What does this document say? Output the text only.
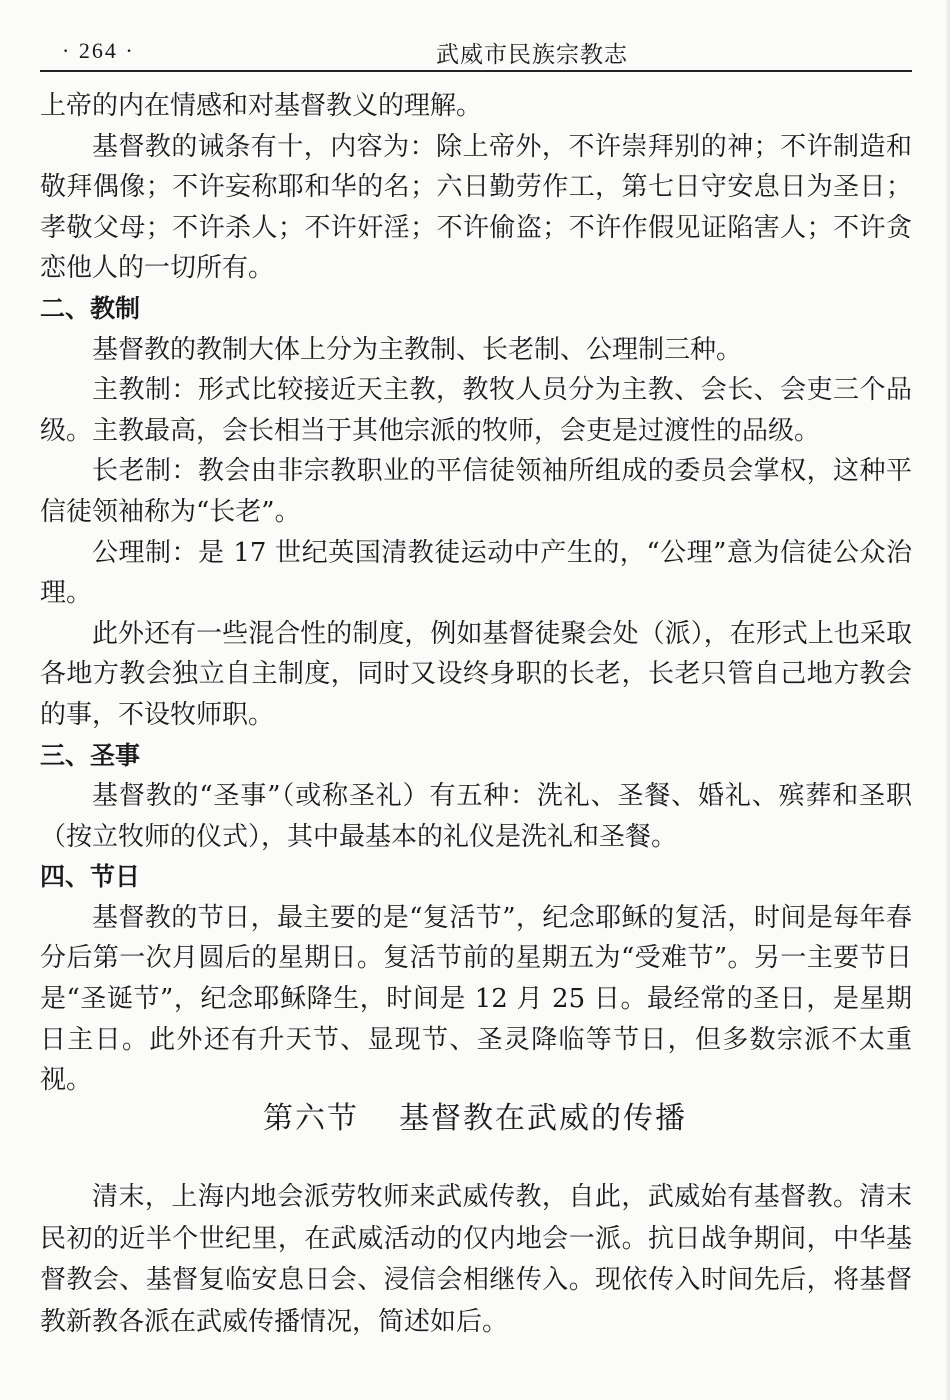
· 264 ·	武威市民族宗教志

上帝的内在情感和对基督教义的理解。

基督教的诫条有十，内容为：除上帝外，不许崇拜别的神；不许制造和敬拜偶像；不许妄称耶和华的名；六日勤劳作工，第七日守安息日为圣日；孝敬父母；不许杀人；不许奸淫；不许偷盗；不许作假见证陷害人；不许贪恋他人的一切所有。

二、教制

基督教的教制大体上分为主教制、长老制、公理制三种。

主教制：形式比较接近天主教，教牧人员分为主教、会长、会吏三个品级。主教最高，会长相当于其他宗派的牧师，会吏是过渡性的品级。

长老制：教会由非宗教职业的平信徒领袖所组成的委员会掌权，这种平信徒领袖称为“长老”。

公理制：是 17 世纪英国清教徒运动中产生的，“公理”意为信徒公众治理。

此外还有一些混合性的制度，例如基督徒聚会处（派），在形式上也采取各地方教会独立自主制度，同时又设终身职的长老，长老只管自己地方教会的事，不设牧师职。

三、圣事

基督教的“圣事”（或称圣礼）有五种：洗礼、圣餐、婚礼、殡葬和圣职（按立牧师的仪式），其中最基本的礼仪是洗礼和圣餐。

四、节日

基督教的节日，最主要的是“复活节”，纪念耶稣的复活，时间是每年春分后第一次月圆后的星期日。复活节前的星期五为“受难节”。另一主要节日是“圣诞节”，纪念耶稣降生，时间是 12 月 25 日。最经常的圣日，是星期日主日。此外还有升天节、显现节、圣灵降临等节日，但多数宗派不太重视。

第六节 基督教在武威的传播

清末，上海内地会派劳牧师来武威传教，自此，武威始有基督教。清末民初的近半个世纪里，在武威活动的仅内地会一派。抗日战争期间，中华基督教会、基督复临安息日会、浸信会相继传入。现依传入时间先后，将基督教新教各派在武威传播情况，简述如后。
